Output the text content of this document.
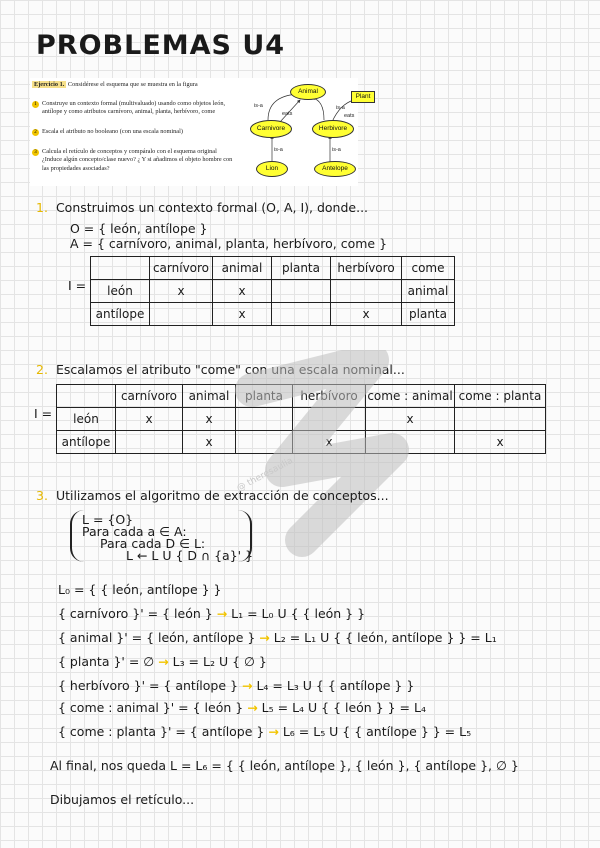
PROBLEMAS U4
Ejercicio 1. Considérese el esquema que se muestra en la figura
1 Construye un contexto formal (multivaluado) usando como objetos león, antílope y como atributos carnívoro, animal, planta, herbívoro, come
2 Escala el atributo no booleano (con una escala nominal)
3 Calcula el retículo de conceptos y compáralo con el esquema original ¿Induce algún concepto/clase nuevo? ¿ Y si añadimos el objeto hombre con las propiedades asociadas?
Animal
Plant
Carnivore	Herbivore
Lion	Antelope
is-a	is-a
eats	eats
is-a	is-a
1. Construimos un contexto formal (O, A, I), donde...
O = { león, antílope }
A = { carnívoro, animal, planta, herbívoro, come }
I =
	carnívoro	animal	planta	herbívoro	come
león	x	x			animal
antílope		x		x	planta
2. Escalamos el atributo "come" con una escala nominal...
I =
	carnívoro	animal	planta	herbívoro	come : animal	come : planta
león	x	x			x	
antílope		x		x		x
@ theresaulia
3. Utilizamos el algoritmo de extracción de conceptos...
L = {O}
Para cada a ∈ A:
Para cada D ∈ L:
L ← L U { D ∩ {a}' }
L₀ = { { león, antílope } }
{ carnívoro }' = { león } → L₁ = L₀ U { { león } }
{ animal }' = { león, antílope } → L₂ = L₁ U { { león, antílope } } = L₁
{ planta }' = ∅ → L₃ = L₂ U { ∅ }
{ herbívoro }' = { antílope } → L₄ = L₃ U { { antílope } }
{ come : animal }' = { león } → L₅ = L₄ U { { león } } = L₄
{ come : planta }' = { antílope } → L₆ = L₅ U { { antílope } } = L₅
Al final, nos queda L = L₆ = { { león, antílope }, { león }, { antílope }, ∅ }
Dibujamos el retículo...
